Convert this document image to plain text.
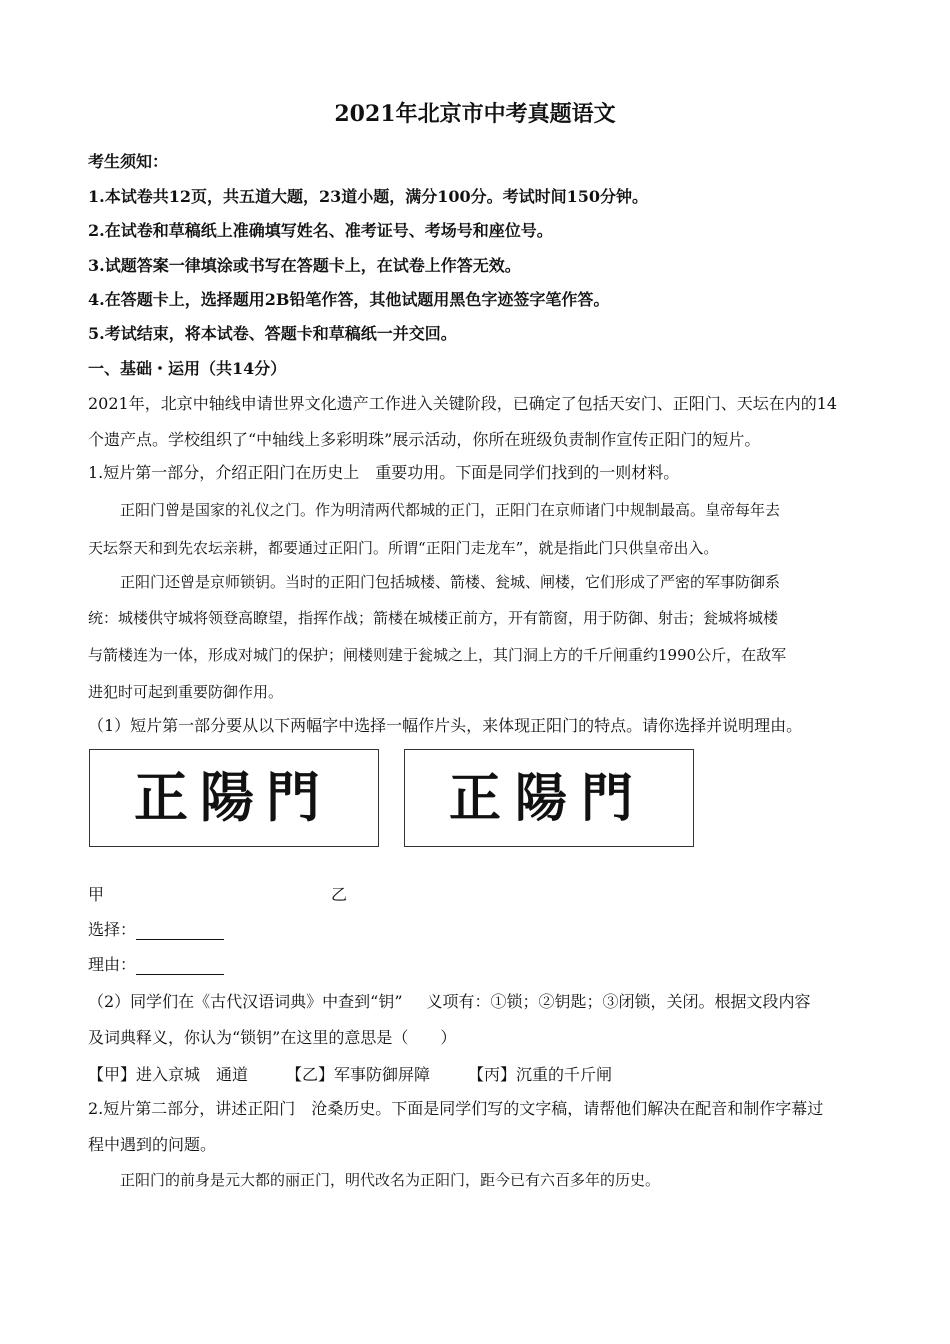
2021年北京市中考真题语文
考生须知：
1.本试卷共12页，共五道大题，23道小题，满分100分。考试时间150分钟。
2.在试卷和草稿纸上准确填写姓名、准考证号、考场号和座位号。
3.试题答案一律填涂或书写在答题卡上，在试卷上作答无效。
4.在答题卡上，选择题用2B铅笔作答，其他试题用黑色字迹签字笔作答。
5.考试结束，将本试卷、答题卡和草稿纸一并交回。
一、基础・运用（共14分）
2021年，北京中轴线申请世界文化遗产工作进入关键阶段，已确定了包括天安门、正阳门、天坛在内的14
个遗产点。学校组织了“中轴线上多彩明珠”展示活动，你所在班级负责制作宣传正阳门的短片。
1.短片第一部分，介绍正阳门在历史上 重要功用。下面是同学们找到的一则材料。
正阳门曾是国家的礼仪之门。作为明清两代都城的正门，正阳门在京师诸门中规制最高。皇帝每年去
天坛祭天和到先农坛亲耕，都要通过正阳门。所谓“正阳门走龙车”，就是指此门只供皇帝出入。
正阳门还曾是京师锁钥。当时的正阳门包括城楼、箭楼、瓮城、闸楼，它们形成了严密的军事防御系
统：城楼供守城将领登高瞭望，指挥作战；箭楼在城楼正前方，开有箭窗，用于防御、射击；瓮城将城楼
与箭楼连为一体，形成对城门的保护；闸楼则建于瓮城之上，其门洞上方的千斤闸重约1990公斤，在敌军
进犯时可起到重要防御作用。
（1）短片第一部分要从以下两幅字中选择一幅作片头，来体现正阳门的特点。请你选择并说明理由。
正陽門 正陽門
甲	乙
选择：
理由：
（2）同学们在《古代汉语词典》中查到“钥” 义项有：①锁；②钥匙；③闭锁，关闭。根据文段内容
及词典释义，你认为“锁钥”在这里的意思是（　　）
【甲】进入京城 通道 【乙】军事防御屏障 【丙】沉重的千斤闸
2.短片第二部分，讲述正阳门 沧桑历史。下面是同学们写的文字稿，请帮他们解决在配音和制作字幕过
程中遇到的问题。
正阳门的前身是元大都的丽正门，明代改名为正阳门，距今已有六百多年的历史。
